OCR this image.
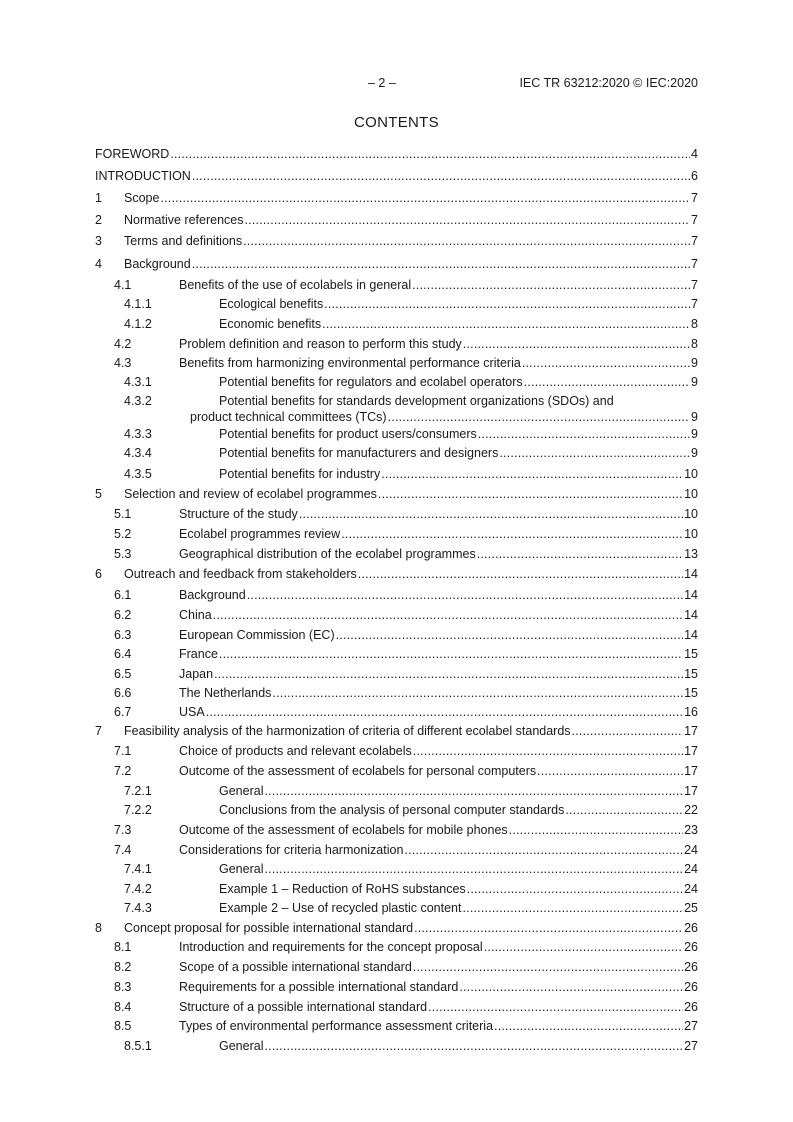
– 2 –	IEC TR 63212:2020 © IEC:2020
CONTENTS
FOREWORD .....	4
INTRODUCTION .....	6
1	Scope .....	7
2	Normative references .....	7
3	Terms and definitions .....	7
4	Background .....	7
4.1	Benefits of the use of ecolabels in general .....	7
4.1.1	Ecological benefits .....	7
4.1.2	Economic benefits .....	8
4.2	Problem definition and reason to perform this study .....	8
4.3	Benefits from harmonizing environmental performance criteria .....	9
4.3.1	Potential benefits for regulators and ecolabel operators .....	9
4.3.2	Potential benefits for standards development organizations (SDOs) and
product technical committees (TCs) .....	9
4.3.3	Potential benefits for product users/consumers .....	9
4.3.4	Potential benefits for manufacturers and designers .....	9
4.3.5	Potential benefits for industry .....	10
5	Selection and review of ecolabel programmes .....	10
5.1	Structure of the study .....	10
5.2	Ecolabel programmes review .....	10
5.3	Geographical distribution of the ecolabel programmes .....	13
6	Outreach and feedback from stakeholders .....	14
6.1	Background .....	14
6.2	China .....	14
6.3	European Commission (EC) .....	14
6.4	France .....	15
6.5	Japan .....	15
6.6	The Netherlands .....	15
6.7	USA .....	16
7	Feasibility analysis of the harmonization of criteria of different ecolabel standards .....	17
7.1	Choice of products and relevant ecolabels .....	17
7.2	Outcome of the assessment of ecolabels for personal computers .....	17
7.2.1	General .....	17
7.2.2	Conclusions from the analysis of personal computer standards .....	22
7.3	Outcome of the assessment of ecolabels for mobile phones .....	23
7.4	Considerations for criteria harmonization .....	24
7.4.1	General .....	24
7.4.2	Example 1 – Reduction of RoHS substances .....	24
7.4.3	Example 2 – Use of recycled plastic content .....	25
8	Concept proposal for possible international standard .....	26
8.1	Introduction and requirements for the concept proposal .....	26
8.2	Scope of a possible international standard .....	26
8.3	Requirements for a possible international standard .....	26
8.4	Structure of a possible international standard .....	26
8.5	Types of environmental performance assessment criteria .....	27
8.5.1	General .....	27
